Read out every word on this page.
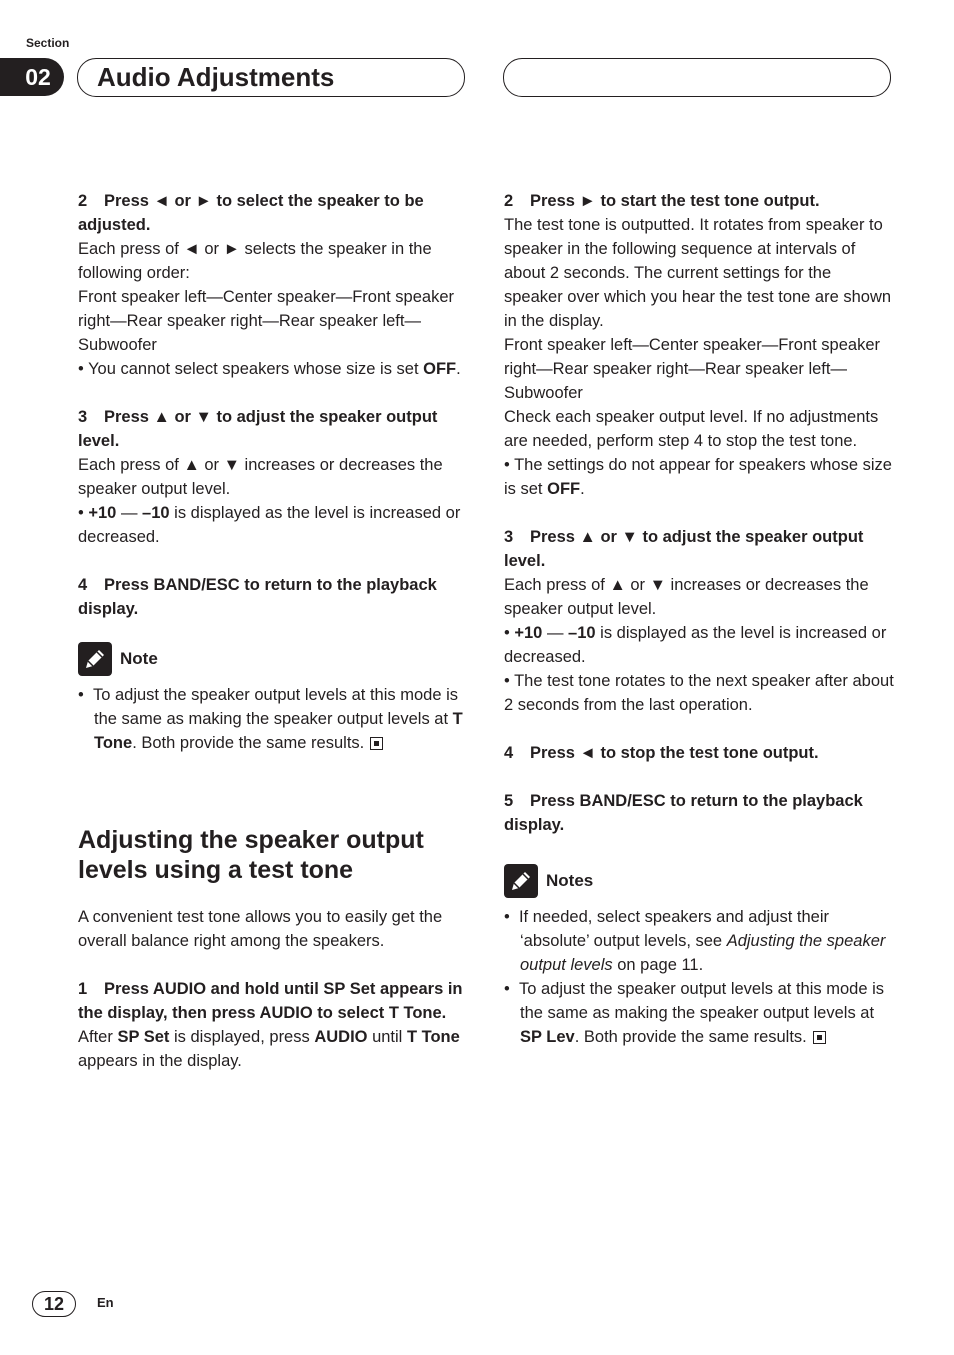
Section
02	Audio Adjustments

2 Press ◄ or ► to select the speaker to be adjusted.

Each press of ◄ or ► selects the speaker in the following order:

Front speaker left—Center speaker—Front speaker right—Rear speaker right—Rear speaker left—Subwoofer

• You cannot select speakers whose size is set OFF.

3 Press ▲ or ▼ to adjust the speaker output level.

Each press of ▲ or ▼ increases or decreases the speaker output level.

• +10 — –10 is displayed as the level is increased or decreased.

4 Press BAND/ESC to return to the playback display.

Note

•  To adjust the speaker output levels at this mode is the same as making the speaker output levels at T Tone. Both provide the same results.

Adjusting the speaker output levels using a test tone

A convenient test tone allows you to easily get the overall balance right among the speakers.

1 Press AUDIO and hold until SP Set appears in the display, then press AUDIO to select T Tone.

After SP Set is displayed, press AUDIO until T Tone appears in the display.

2 Press ► to start the test tone output.

The test tone is outputted. It rotates from speaker to speaker in the following sequence at intervals of about 2 seconds. The current settings for the speaker over which you hear the test tone are shown in the display.

Front speaker left—Center speaker—Front speaker right—Rear speaker right—Rear speaker left—Subwoofer

Check each speaker output level. If no adjustments are needed, perform step 4 to stop the test tone.

• The settings do not appear for speakers whose size is set OFF.

3 Press ▲ or ▼ to adjust the speaker output level.

Each press of ▲ or ▼ increases or decreases the speaker output level.

• +10 — –10 is displayed as the level is increased or decreased.

• The test tone rotates to the next speaker after about 2 seconds from the last operation.

4 Press ◄ to stop the test tone output.

5 Press BAND/ESC to return to the playback display.

Notes

•  If needed, select speakers and adjust their ‘absolute’ output levels, see Adjusting the speaker output levels on page 11.

•  To adjust the speaker output levels at this mode is the same as making the speaker output levels at SP Lev. Both provide the same results.

12	En
